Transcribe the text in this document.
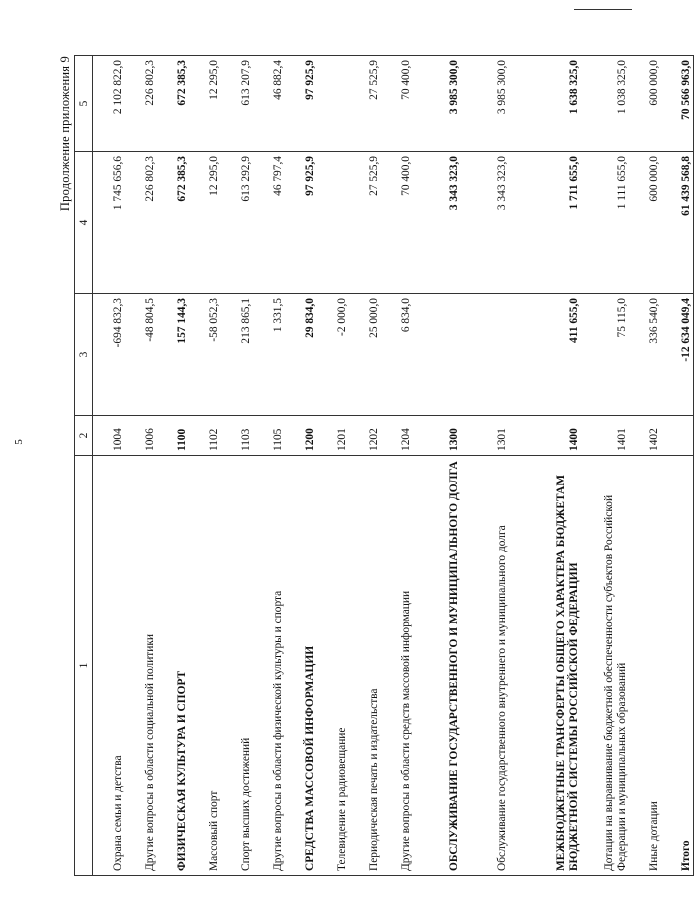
5
Продолжение приложения 9
1	2	3	4	5
Охрана семьи и детства	1004	-694 832,3	1 745 656,6	2 102 822,0
Другие вопросы в области социальной политики	1006	-48 804,5	226 802,3	226 802,3
ФИЗИЧЕСКАЯ КУЛЬТУРА И СПОРТ	1100	157 144,3	672 385,3	672 385,3
Массовый спорт	1102	-58 052,3	12 295,0	12 295,0
Спорт высших достижений	1103	213 865,1	613 292,9	613 207,9
Другие вопросы в области физической культуры и спорта	1105	1 331,5	46 797,4	46 882,4
СРЕДСТВА МАССОВОЙ ИНФОРМАЦИИ	1200	29 834,0	97 925,9	97 925,9
Телевидение и радиовещание	1201	-2 000,0		
Периодическая печать и издательства	1202	25 000,0	27 525,9	27 525,9
Другие вопросы в области средств массовой информации	1204	6 834,0	70 400,0	70 400,0
ОБСЛУЖИВАНИЕ ГОСУДАРСТВЕННОГО И МУНИЦИПАЛЬНОГО ДОЛГА	1300		3 343 323,0	3 985 300,0
Обслуживание государственного внутреннего и муниципального долга	1301		3 343 323,0	3 985 300,0
МЕЖБЮДЖЕТНЫЕ ТРАНСФЕРТЫ ОБЩЕГО ХАРАКТЕРА БЮДЖЕТАМ БЮДЖЕТНОЙ СИСТЕМЫ РОССИЙСКОЙ ФЕДЕРАЦИИ	1400	411 655,0	1 711 655,0	1 638 325,0
Дотации на выравнивание бюджетной обеспеченности субъектов Российской Федерации и муниципальных образований	1401	75 115,0	1 111 655,0	1 038 325,0
Иные дотации	1402	336 540,0	600 000,0	600 000,0
Итого		-12 634 049,4	61 439 568,8	70 566 963,0
